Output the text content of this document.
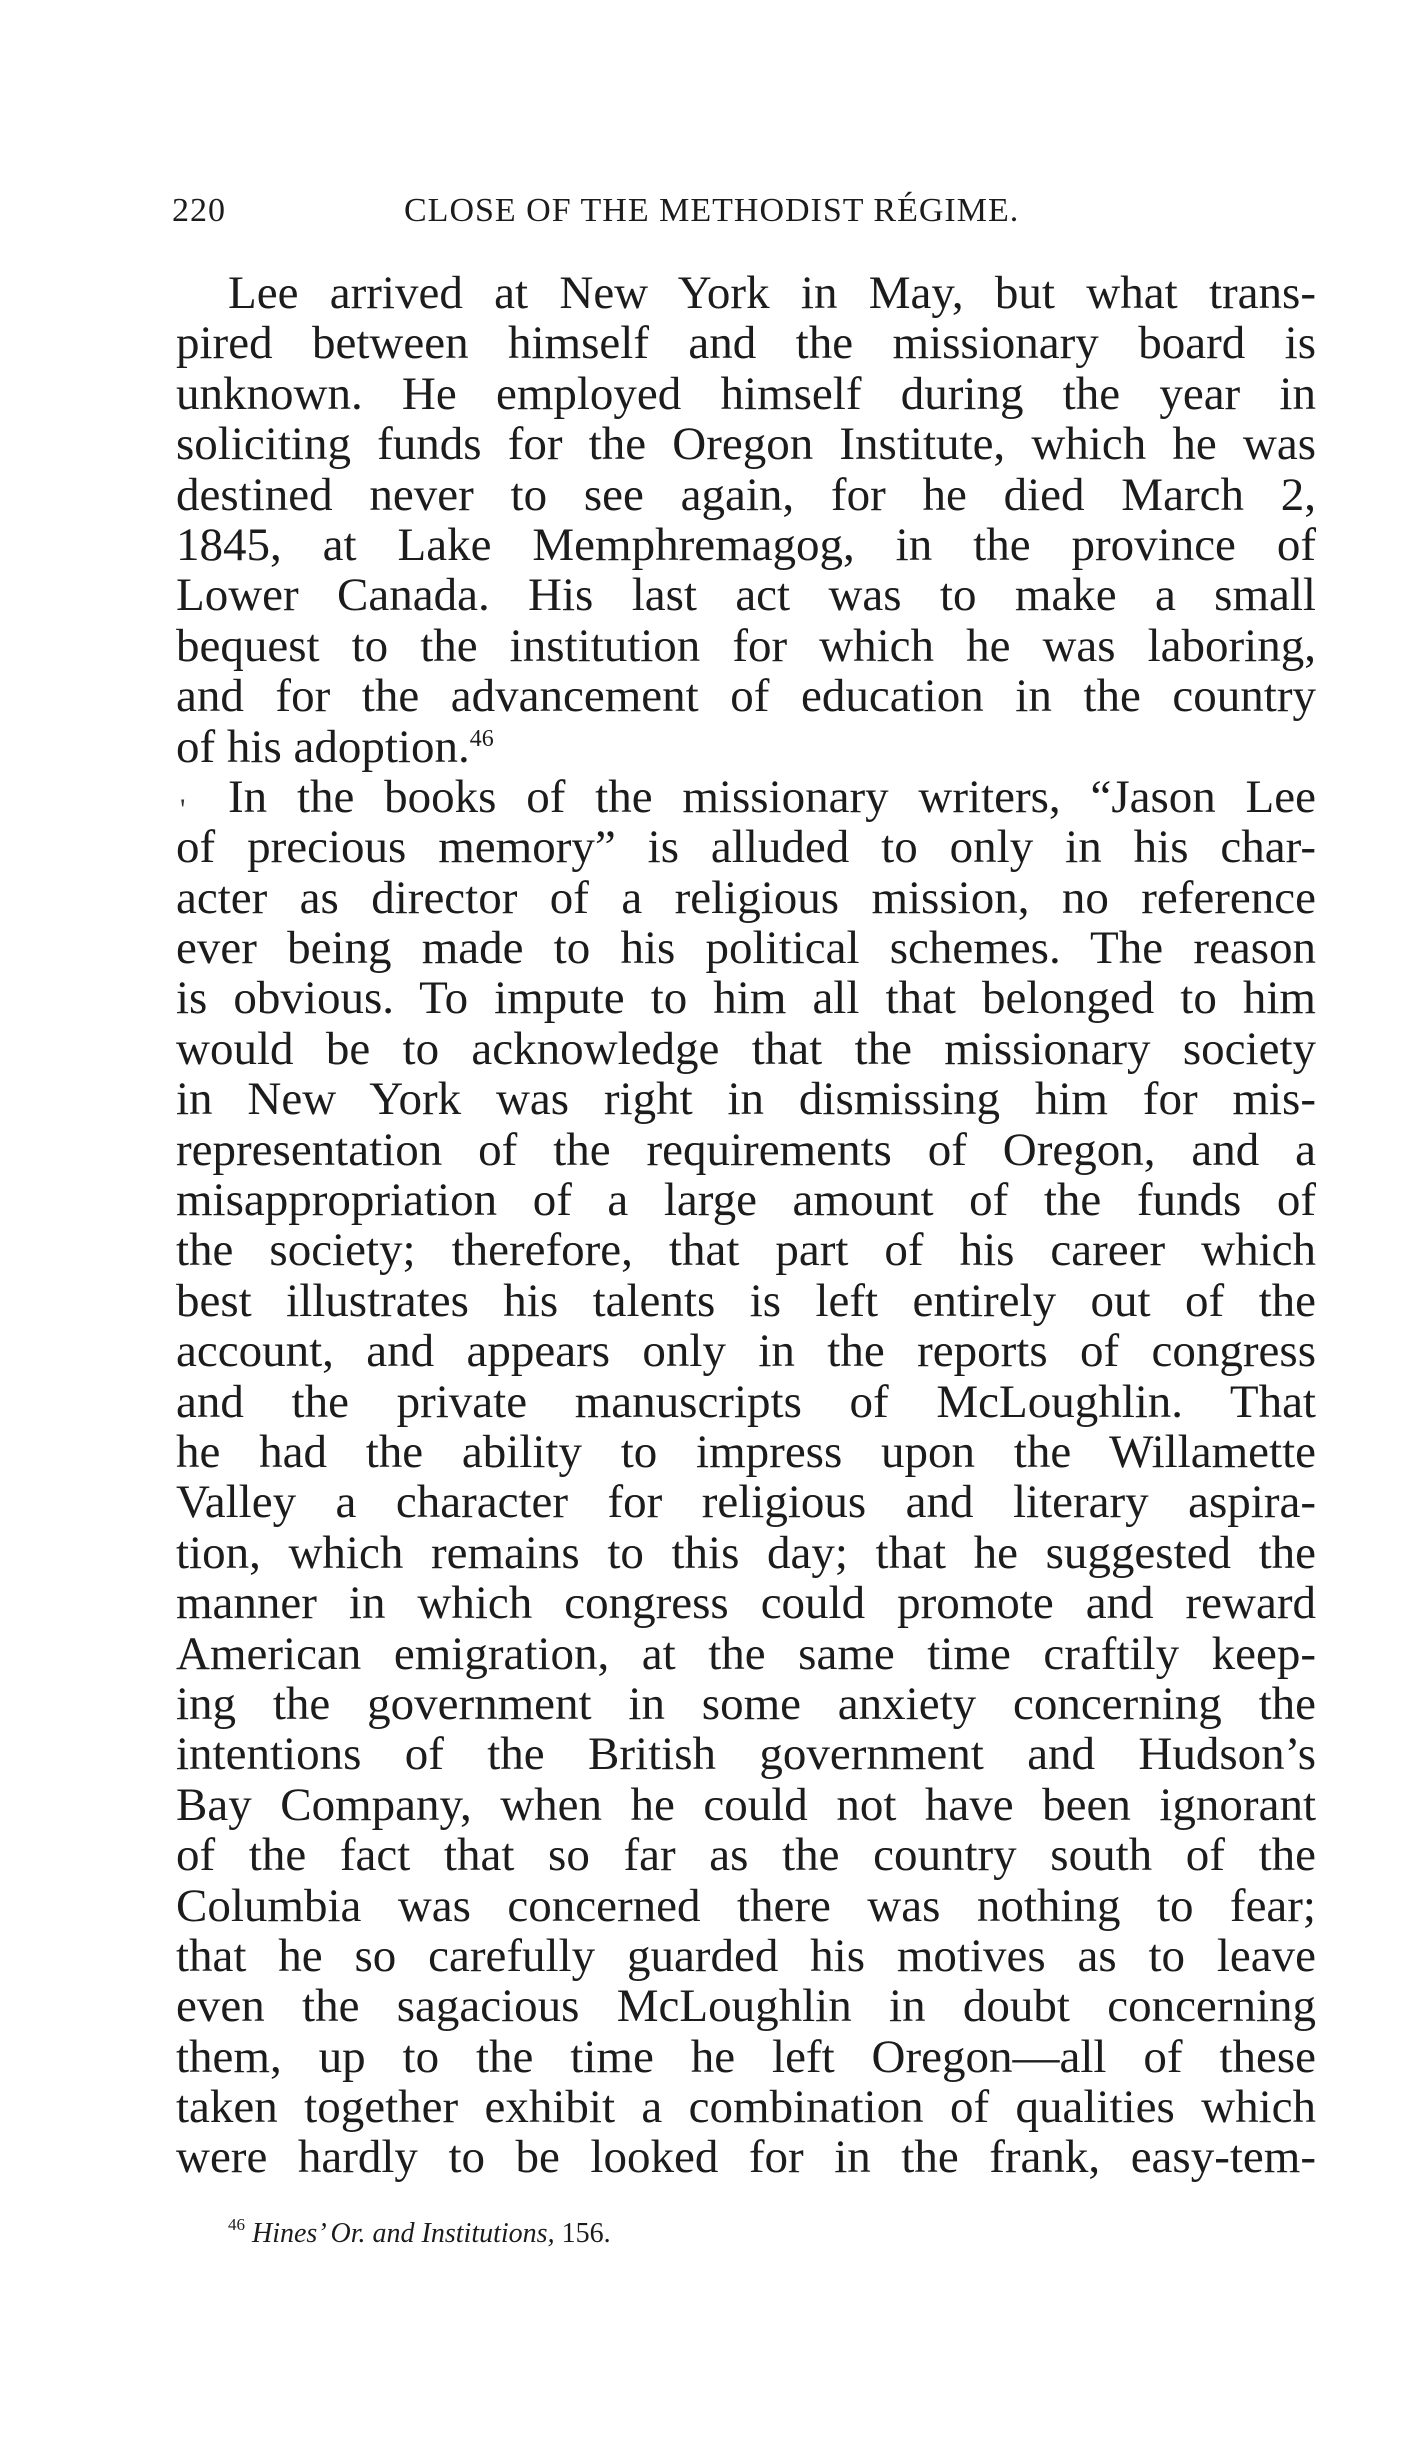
220	CLOSE OF THE METHODIST RÉGIME.
'
Lee arrived at New York in May, but what trans-
pired between himself and the missionary board is
unknown. He employed himself during the year in
soliciting funds for the Oregon Institute, which he was
destined never to see again, for he died March 2,
1845, at Lake Memphremagog, in the province of
Lower Canada. His last act was to make a small
bequest to the institution for which he was laboring,
and for the advancement of education in the country
of his adoption.$^{46}$
In the books of the missionary writers, “Jason Lee
of precious memory” is alluded to only in his char-
acter as director of a religious mission, no reference
ever being made to his political schemes. The reason
is obvious. To impute to him all that belonged to him
would be to acknowledge that the missionary society
in New York was right in dismissing him for mis-
representation of the requirements of Oregon, and a
misappropriation of a large amount of the funds of
the society; therefore, that part of his career which
best illustrates his talents is left entirely out of the
account, and appears only in the reports of congress
and the private manuscripts of McLoughlin. That
he had the ability to impress upon the Willamette
Valley a character for religious and literary aspira-
tion, which remains to this day; that he suggested the
manner in which congress could promote and reward
American emigration, at the same time craftily keep-
ing the government in some anxiety concerning the
intentions of the British government and Hudson’s
Bay Company, when he could not have been ignorant
of the fact that so far as the country south of the
Columbia was concerned there was nothing to fear;
that he so carefully guarded his motives as to leave
even the sagacious McLoughlin in doubt concerning
them, up to the time he left Oregon—all of these
taken together exhibit a combination of qualities which
were hardly to be looked for in the frank, easy-tem-
$^{46}$ Hines’ Or. and Institutions, 156.
